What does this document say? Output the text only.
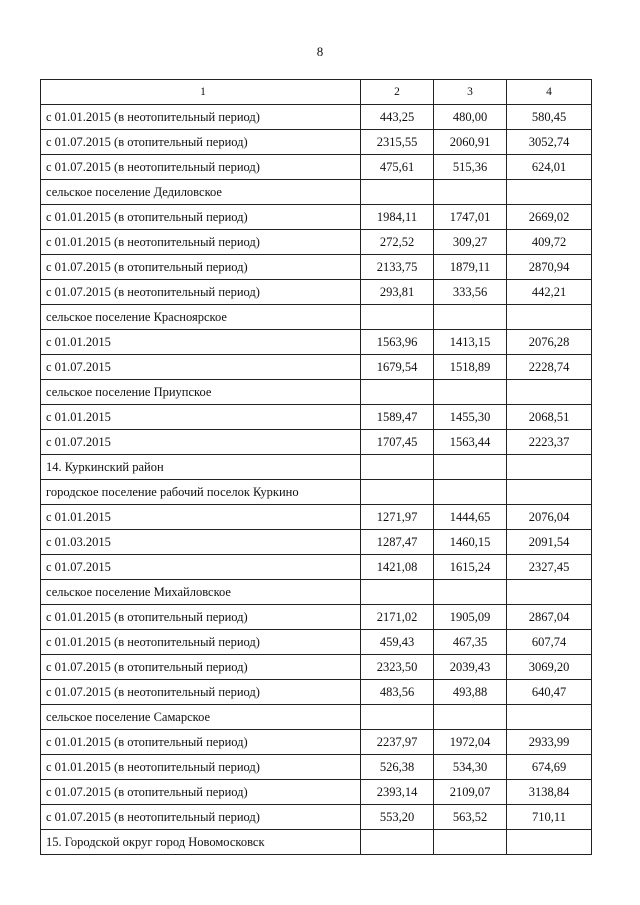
8
1	2	3	4
с 01.01.2015 (в неотопительный период)	443,25	480,00	580,45
с 01.07.2015 (в отопительный период)	2315,55	2060,91	3052,74
с 01.07.2015 (в неотопительный период)	475,61	515,36	624,01
сельское поселение Дедиловское			
с 01.01.2015 (в отопительный период)	1984,11	1747,01	2669,02
с 01.01.2015 (в неотопительный период)	272,52	309,27	409,72
с 01.07.2015 (в отопительный период)	2133,75	1879,11	2870,94
с 01.07.2015 (в неотопительный период)	293,81	333,56	442,21
сельское поселение Красноярское			
с 01.01.2015	1563,96	1413,15	2076,28
с 01.07.2015	1679,54	1518,89	2228,74
сельское поселение Приупское			
с 01.01.2015	1589,47	1455,30	2068,51
с 01.07.2015	1707,45	1563,44	2223,37
14. Куркинский район			
городское поселение рабочий поселок Куркино			
с 01.01.2015	1271,97	1444,65	2076,04
с 01.03.2015	1287,47	1460,15	2091,54
с 01.07.2015	1421,08	1615,24	2327,45
сельское поселение Михайловское			
с 01.01.2015 (в отопительный период)	2171,02	1905,09	2867,04
с 01.01.2015 (в неотопительный период)	459,43	467,35	607,74
с 01.07.2015 (в отопительный период)	2323,50	2039,43	3069,20
с 01.07.2015 (в неотопительный период)	483,56	493,88	640,47
сельское поселение Самарское			
с 01.01.2015 (в отопительный период)	2237,97	1972,04	2933,99
с 01.01.2015 (в неотопительный период)	526,38	534,30	674,69
с 01.07.2015 (в отопительный период)	2393,14	2109,07	3138,84
с 01.07.2015 (в неотопительный период)	553,20	563,52	710,11
15. Городской округ город Новомосковск			
